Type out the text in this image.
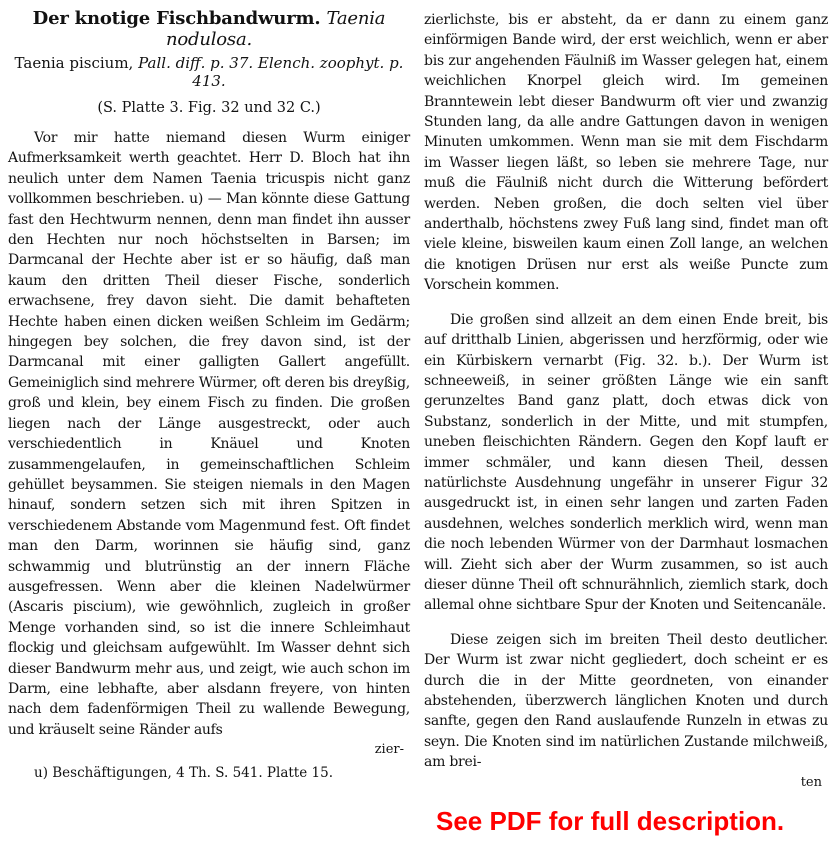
Der knotige Fischbandwurm. Taenia nodulosa.
Taenia piscium, Pall. diff. p. 37. Elench. zoophyt. p. 413.
(S. Platte 3. Fig. 32 und 32 C.)

Vor mir hatte niemand diesen Wurm einiger Aufmerksamkeit werth geachtet. Herr D. Bloch hat ihn neulich unter dem Namen Taenia tricuspis nicht ganz vollkommen beschrieben. u) — Man könnte diese Gattung fast den Hechtwurm nennen, denn man findet ihn ausser den Hechten nur noch höchstselten in Barsen; im Darmcanal der Hechte aber ist er so häufig, daß man kaum den dritten Theil dieser Fische, sonderlich erwachsene, frey davon sieht. Die damit behafteten Hechte haben einen dicken weißen Schleim im Gedärm; hingegen bey solchen, die frey davon sind, ist der Darmcanal mit einer galligten Gallert angefüllt. Gemeiniglich sind mehrere Würmer, oft deren bis dreyßig, groß und klein, bey einem Fisch zu finden. Die großen liegen nach der Länge ausgestreckt, oder auch verschiedentlich in Knäuel und Knoten zusammengelaufen, in gemeinschaftlichen Schleim gehüllet beysammen. Sie steigen niemals in den Magen hinauf, sondern setzen sich mit ihren Spitzen in verschiedenem Abstande vom Magenmund fest. Oft findet man den Darm, worinnen sie häufig sind, ganz schwammig und blutrünstig an der innern Fläche ausgefressen. Wenn aber die kleinen Nadelwürmer (Ascaris piscium), wie gewöhnlich, zugleich in großer Menge vorhanden sind, so ist die innere Schleimhaut flockig und gleichsam aufgewühlt. Im Wasser dehnt sich dieser Bandwurm mehr aus, und zeigt, wie auch schon im Darm, eine lebhafte, aber alsdann freyere, von hinten nach dem fadenförmigen Theil zu wallende Bewegung, und kräuselt seine Ränder aufs

zier-
u) Beschäftigungen, 4 Th. S. 541. Platte 15.

zierlichste, bis er absteht, da er dann zu einem ganz einförmigen Bande wird, der erst weichlich, wenn er aber bis zur angehenden Fäulniß im Wasser gelegen hat, einem weichlichen Knorpel gleich wird. Im gemeinen Branntewein lebt dieser Bandwurm oft vier und zwanzig Stunden lang, da alle andre Gattungen davon in wenigen Minuten umkommen. Wenn man sie mit dem Fischdarm im Wasser liegen läßt, so leben sie mehrere Tage, nur muß die Fäulniß nicht durch die Witterung befördert werden. Neben großen, die doch selten viel über anderthalb, höchstens zwey Fuß lang sind, findet man oft viele kleine, bisweilen kaum einen Zoll lange, an welchen die knotigen Drüsen nur erst als weiße Puncte zum Vorschein kommen.

Die großen sind allzeit an dem einen Ende breit, bis auf dritthalb Linien, abgerissen und herzförmig, oder wie ein Kürbiskern vernarbt (Fig. 32. b.). Der Wurm ist schneeweiß, in seiner größten Länge wie ein sanft gerunzeltes Band ganz platt, doch etwas dick von Substanz, sonderlich in der Mitte, und mit stumpfen, uneben fleischichten Rändern. Gegen den Kopf lauft er immer schmäler, und kann diesen Theil, dessen natürlichste Ausdehnung ungefähr in unserer Figur 32 ausgedruckt ist, in einen sehr langen und zarten Faden ausdehnen, welches sonderlich merklich wird, wenn man die noch lebenden Würmer von der Darmhaut losmachen will. Zieht sich aber der Wurm zusammen, so ist auch dieser dünne Theil oft schnurähnlich, ziemlich stark, doch allemal ohne sichtbare Spur der Knoten und Seitencanäle.

Diese zeigen sich im breiten Theil desto deutlicher. Der Wurm ist zwar nicht gegliedert, doch scheint er es durch die in der Mitte geordneten, von einander abstehenden, überzwerch länglichen Knoten und durch sanfte, gegen den Rand auslaufende Runzeln in etwas zu seyn. Die Knoten sind im natürlichen Zustande milchweiß, am brei-

ten
See PDF for full description.
